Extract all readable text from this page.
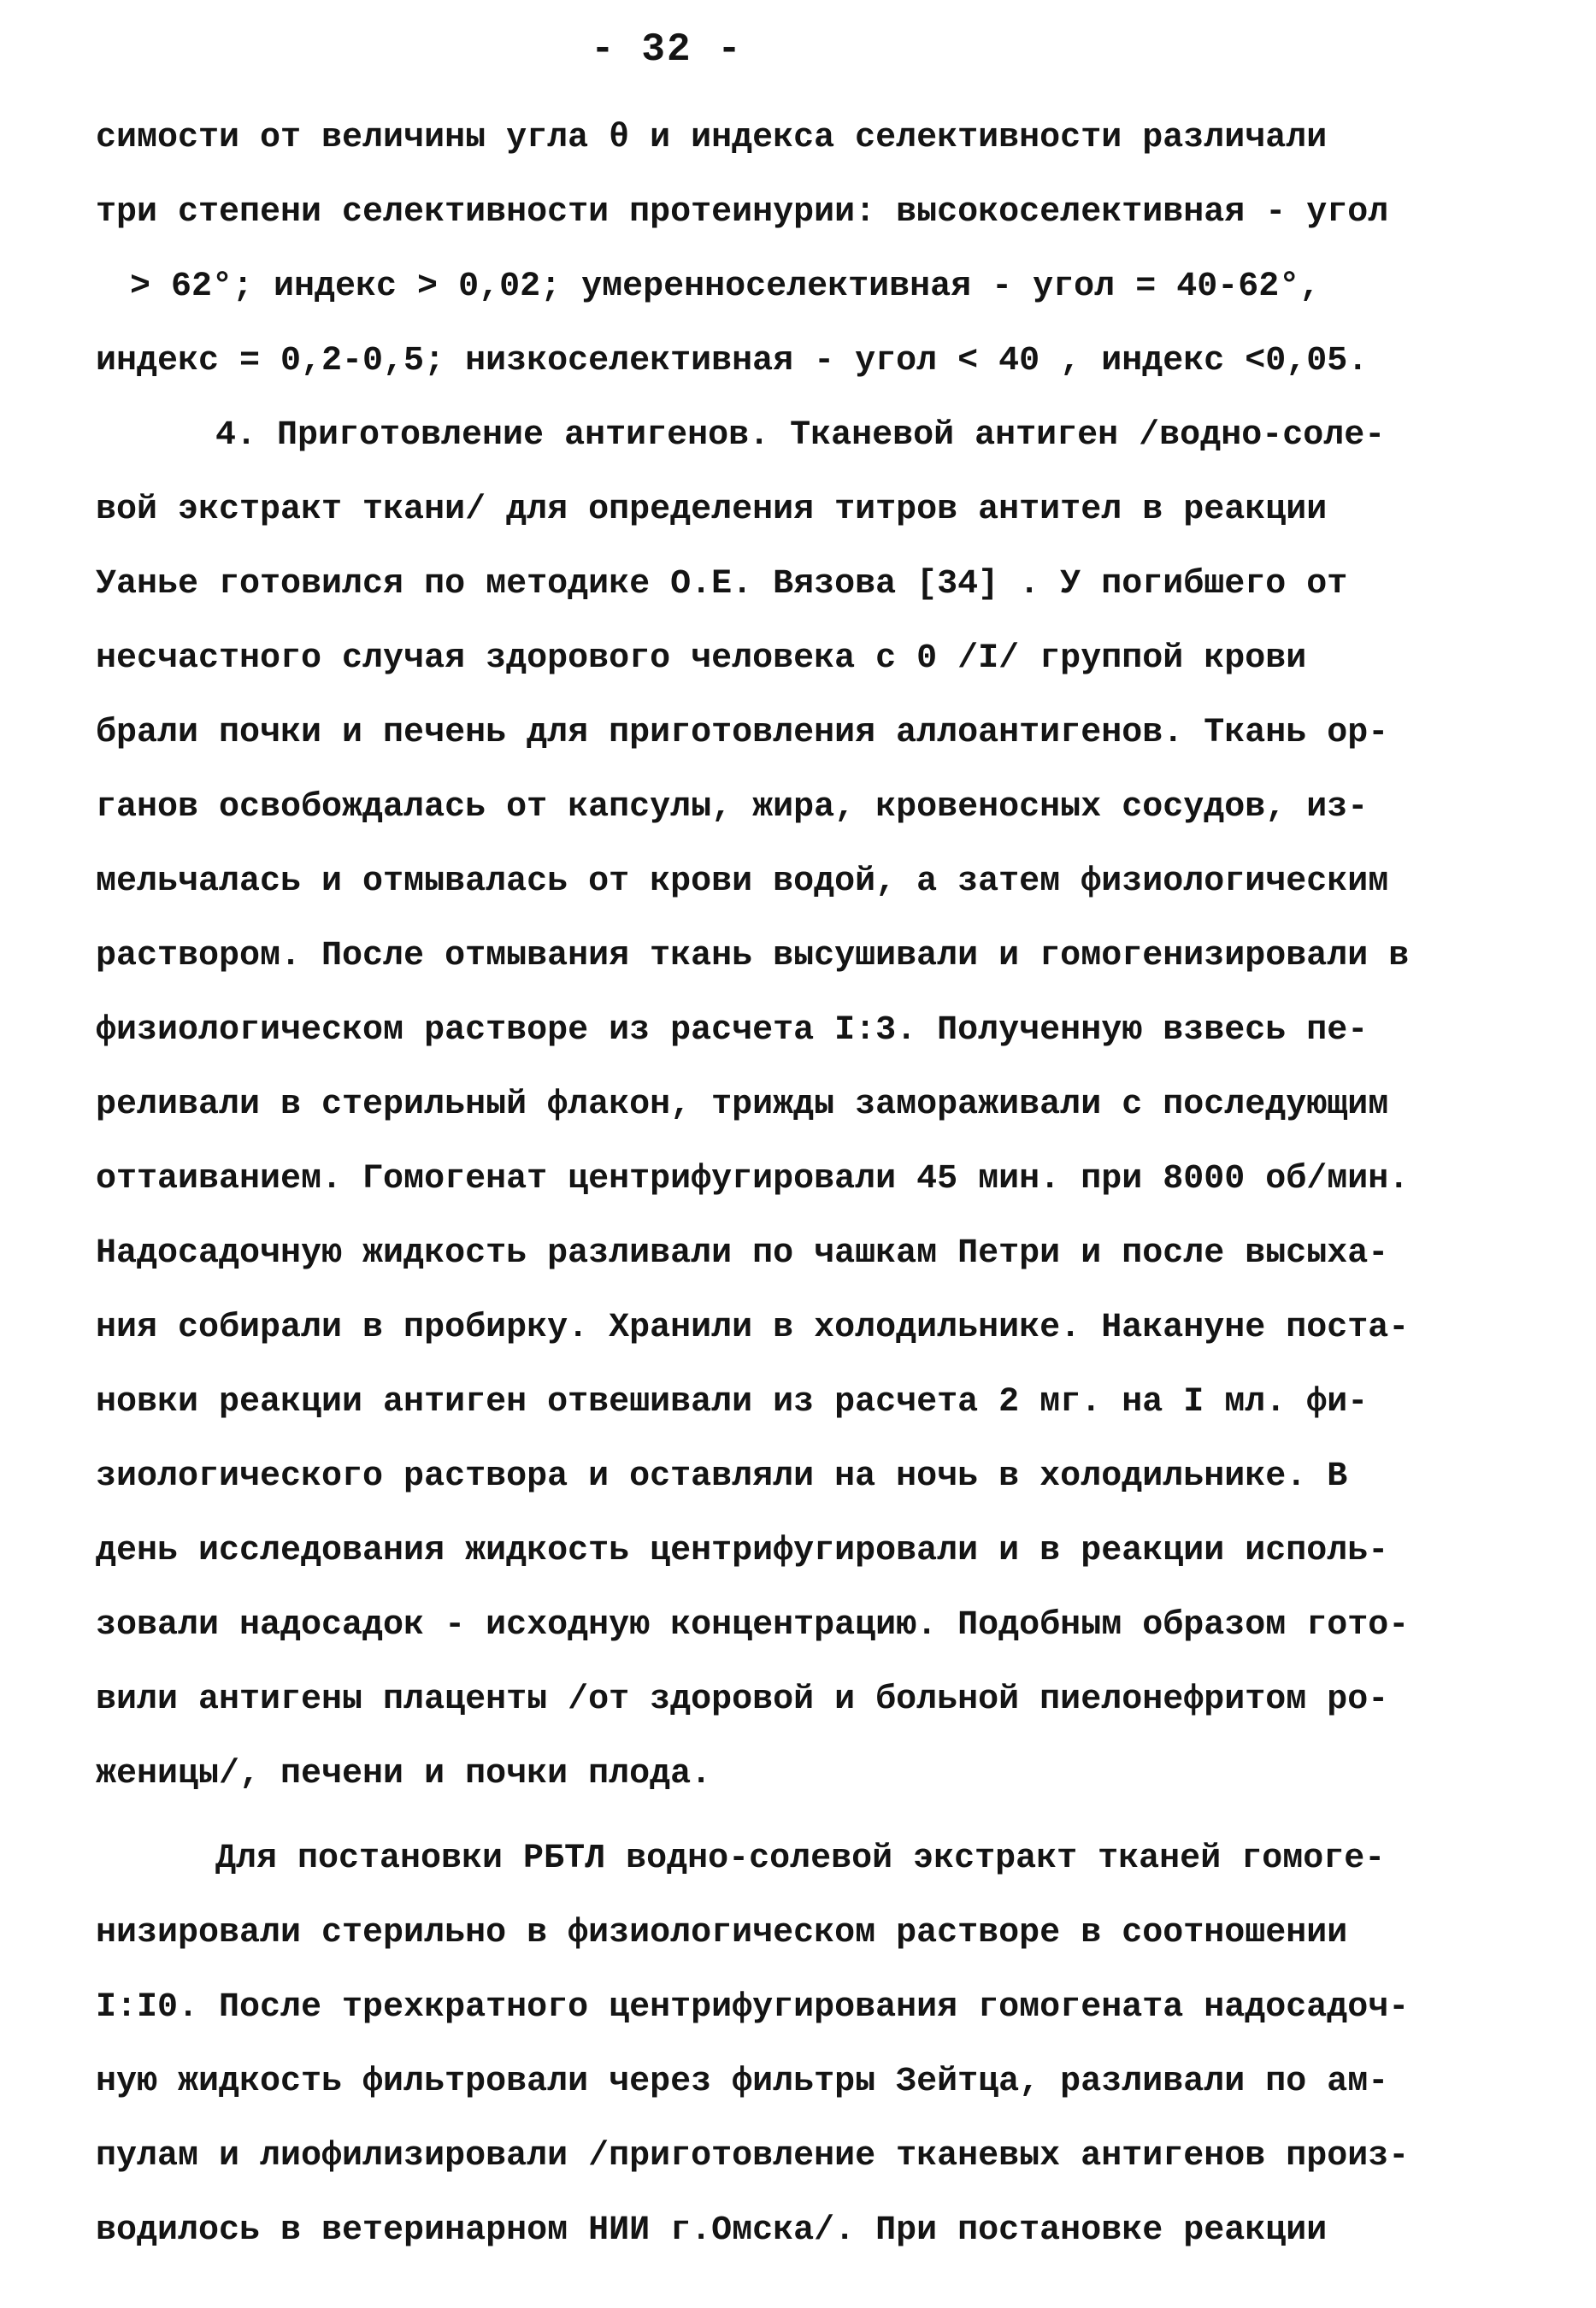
- 32 -
симости от величины угла θ и индекса селективности различали
три степени селективности протеинурии: высокоселективная - угол
> 62°; индекс > 0,02; умеренноселективная - угол = 40-62°,
индекс = 0,2-0,5; низкоселективная - угол < 40 , индекс <0,05.
4. Приготовление антигенов. Тканевой антиген /водно-соле-
вой экстракт ткани/ для определения титров антител в реакции
Уанье готовился по методике О.Е. Вязова [34] . У погибшего от
несчастного случая здорового человека с 0 /I/ группой крови
брали почки и печень для приготовления аллоантигенов. Ткань ор-
ганов освобождалась от капсулы, жира, кровеносных сосудов, из-
мельчалась и отмывалась от крови водой, а затем физиологическим
раствором. После отмывания ткань высушивали и гомогенизировали в
физиологическом растворе из расчета I:3. Полученную взвесь пе-
реливали в стерильный флакон, трижды замораживали с последующим
оттаиванием. Гомогенат центрифугировали 45 мин. при 8000 об/мин.
Надосадочную жидкость разливали по чашкам Петри и после высыха-
ния собирали в пробирку. Хранили в холодильнике. Накануне поста-
новки реакции антиген отвешивали из расчета 2 мг. на I мл. фи-
зиологического раствора и оставляли на ночь в холодильнике. В
день исследования жидкость центрифугировали и в реакции исполь-
зовали надосадок - исходную концентрацию. Подобным образом гото-
вили антигены плаценты /от здоровой и больной пиелонефритом ро-
женицы/, печени и почки плода.
Для постановки РБТЛ водно-солевой экстракт тканей гомоге-
низировали стерильно в физиологическом растворе в соотношении
I:I0. После трехкратного центрифугирования гомогената надосадоч-
ную жидкость фильтровали через фильтры Зейтца, разливали по ам-
пулам и лиофилизировали /приготовление тканевых антигенов произ-
водилось в ветеринарном НИИ г.Омска/. При постановке реакции
